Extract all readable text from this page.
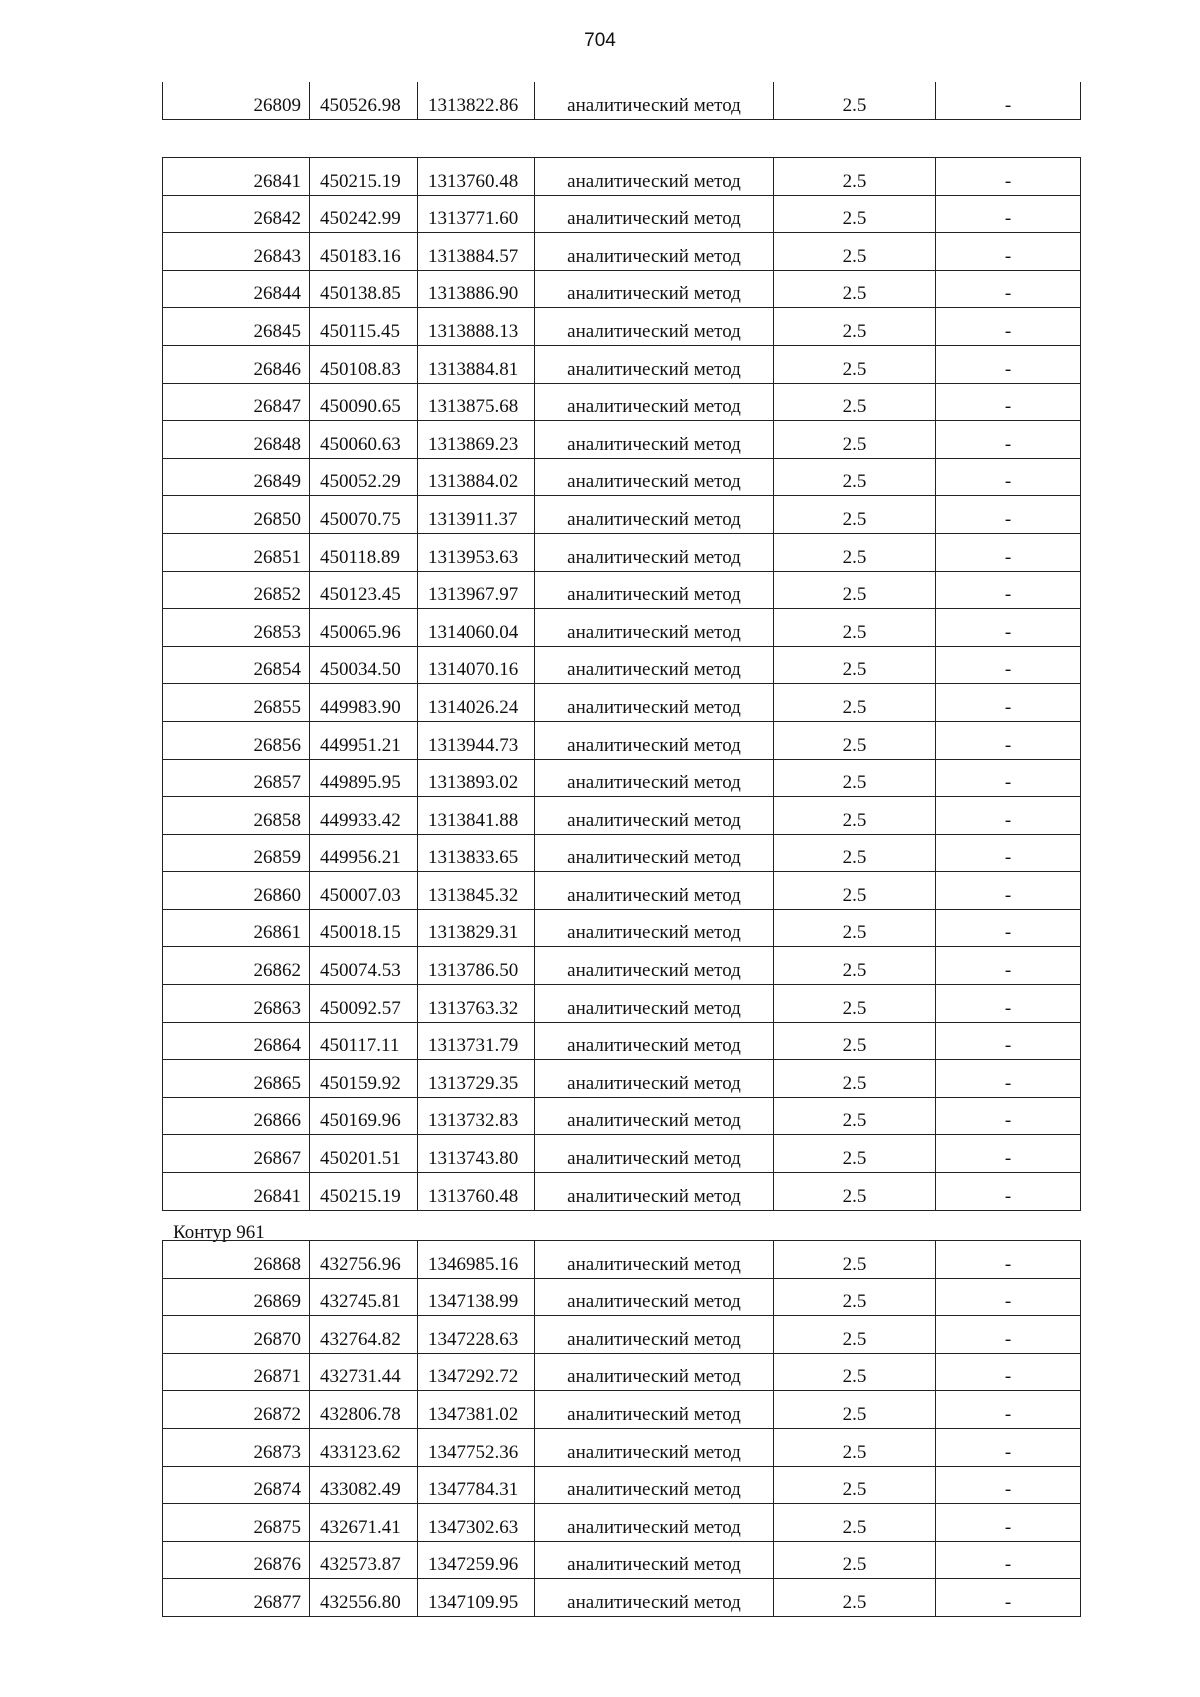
704
26809	450526.98	1313822.86	аналитический метод	2.5	-
26841	450215.19	1313760.48	аналитический метод	2.5	-
26842	450242.99	1313771.60	аналитический метод	2.5	-
26843	450183.16	1313884.57	аналитический метод	2.5	-
26844	450138.85	1313886.90	аналитический метод	2.5	-
26845	450115.45	1313888.13	аналитический метод	2.5	-
26846	450108.83	1313884.81	аналитический метод	2.5	-
26847	450090.65	1313875.68	аналитический метод	2.5	-
26848	450060.63	1313869.23	аналитический метод	2.5	-
26849	450052.29	1313884.02	аналитический метод	2.5	-
26850	450070.75	1313911.37	аналитический метод	2.5	-
26851	450118.89	1313953.63	аналитический метод	2.5	-
26852	450123.45	1313967.97	аналитический метод	2.5	-
26853	450065.96	1314060.04	аналитический метод	2.5	-
26854	450034.50	1314070.16	аналитический метод	2.5	-
26855	449983.90	1314026.24	аналитический метод	2.5	-
26856	449951.21	1313944.73	аналитический метод	2.5	-
26857	449895.95	1313893.02	аналитический метод	2.5	-
26858	449933.42	1313841.88	аналитический метод	2.5	-
26859	449956.21	1313833.65	аналитический метод	2.5	-
26860	450007.03	1313845.32	аналитический метод	2.5	-
26861	450018.15	1313829.31	аналитический метод	2.5	-
26862	450074.53	1313786.50	аналитический метод	2.5	-
26863	450092.57	1313763.32	аналитический метод	2.5	-
26864	450117.11	1313731.79	аналитический метод	2.5	-
26865	450159.92	1313729.35	аналитический метод	2.5	-
26866	450169.96	1313732.83	аналитический метод	2.5	-
26867	450201.51	1313743.80	аналитический метод	2.5	-
26841	450215.19	1313760.48	аналитический метод	2.5	-
Контур 961
26868	432756.96	1346985.16	аналитический метод	2.5	-
26869	432745.81	1347138.99	аналитический метод	2.5	-
26870	432764.82	1347228.63	аналитический метод	2.5	-
26871	432731.44	1347292.72	аналитический метод	2.5	-
26872	432806.78	1347381.02	аналитический метод	2.5	-
26873	433123.62	1347752.36	аналитический метод	2.5	-
26874	433082.49	1347784.31	аналитический метод	2.5	-
26875	432671.41	1347302.63	аналитический метод	2.5	-
26876	432573.87	1347259.96	аналитический метод	2.5	-
26877	432556.80	1347109.95	аналитический метод	2.5	-
